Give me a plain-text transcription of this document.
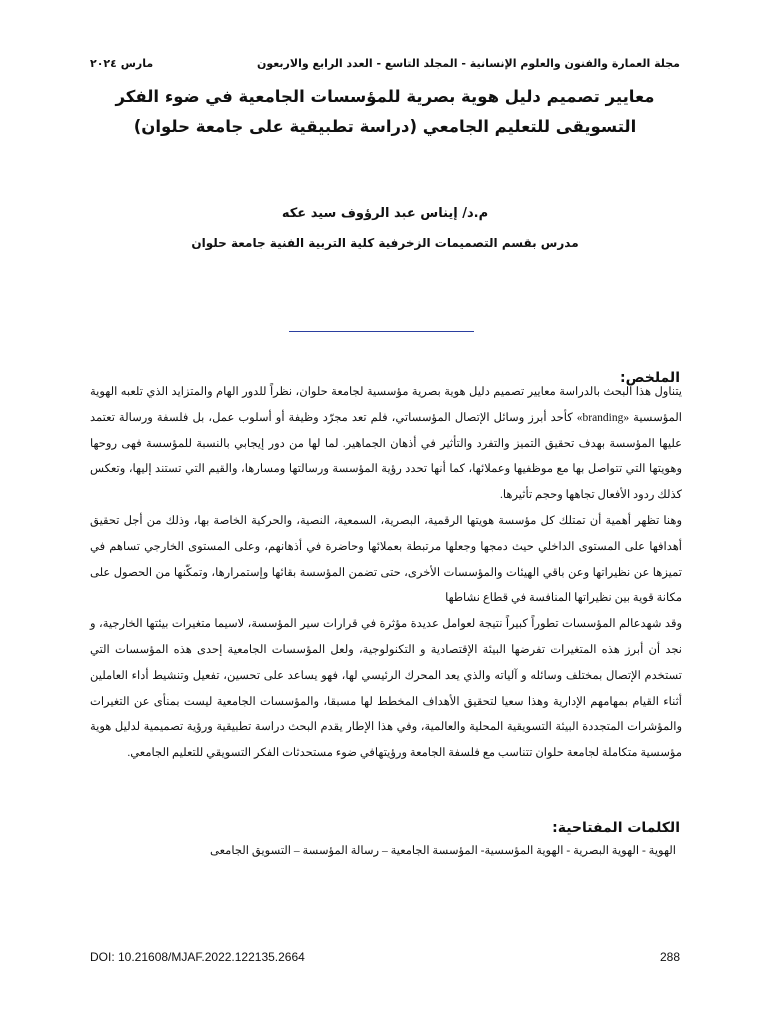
مجلة العمارة والفنون والعلوم الإنسانية - المجلد التاسع - العدد الرابع والاربعون
مارس ٢٠٢٤
معايير تصميم دليل هوية بصرية للمؤسسات الجامعية في ضوء الفكر التسويقى للتعليم الجامعي (دراسة تطبيقية على جامعة حلوان)
م.د/ إيناس عبد الرؤوف سيد عكه
مدرس بقسم التصميمات الزخرفية كلية التربية الفنية جامعة حلوان
الملخص:

يتناول هذا البحث بالدراسة معايير تصميم دليل هوية بصرية مؤسسية لجامعة حلوان، نظراً للدور الهام والمتزايد الذي تلعبه الهوية المؤسسية «branding» كأحد أبرز وسائل الإتصال المؤسساتي، فلم تعد مجرّد وظيفة أو أسلوب عمل، بل فلسفة ورسالة تعتمد عليها المؤسسة بهدف تحقيق التميز والتفرد والتأثير في أذهان الجماهير. لما لها من دور إيجابي بالنسبة للمؤسسة فهى روحها وهويتها التي تتواصل بها مع موظفيها وعملائها، كما أنها تحدد رؤية المؤسسة ورسالتها ومسارها، والقيم التي تستند إليها، وتعكس كذلك ردود الأفعال تجاهها وحجم تأثيرها.

وهنا تظهر أهمية أن تمتلك كل مؤسسة هويتها الرقمية، البصرية، السمعية، النصية، والحركية الخاصة بها، وذلك من أجل تحقيق أهدافها على المستوى الداخلي حيث دمجها وجعلها مرتبطة بعملائها وحاضرة في أذهانهم، وعلى المستوى الخارجي تساهم في تميزها عن نظيراتها وعن باقي الهيئات والمؤسسات الأخرى، حتى تضمن المؤسسة بقائها وإستمرارها، وتمكّنها من الحصول على مكانة قوية بين نظيراتها المنافسة في قطاع نشاطها

وقد شهدعالم المؤسسات تطوراً كبيراً نتيجة لعوامل عديدة مؤثرة في قرارات سير المؤسسة، لاسيما متغيرات بيئتها الخارجية، و نجد أن أبرز هذه المتغيرات تفرضها البيئة الإقتصادية و التكنولوجية، ولعل المؤسسات الجامعية إحدى هذه المؤسسات التي تستخدم الإتصال بمختلف وسائله و آلياته والذي يعد المحرك الرئيسي لها، فهو يساعد على تحسين، تفعيل وتنشيط أداء العاملين أثناء القيام بمهامهم الإدارية وهذا سعيا لتحقيق الأهداف المخطط لها مسبقا، والمؤسسات الجامعية ليست بمنأى عن التغيرات والمؤشرات المتجددة البيئة التسويقية المحلية والعالمية، وفي هذا الإطار يقدم البحث دراسة تطبيقية ورؤية تصميمية لدليل هوية مؤسسية متكاملة لجامعة حلوان تتناسب مع فلسفة الجامعة ورؤيتهافي ضوء مستحدثات الفكر التسويقي للتعليم الجامعي.

الكلمات المفتاحية:
الهوية - الهوية البصرية - الهوية المؤسسية- المؤسسة الجامعية – رسالة المؤسسة – التسويق الجامعى
DOI: 10.21608/MJAF.2022.122135.2664	288
